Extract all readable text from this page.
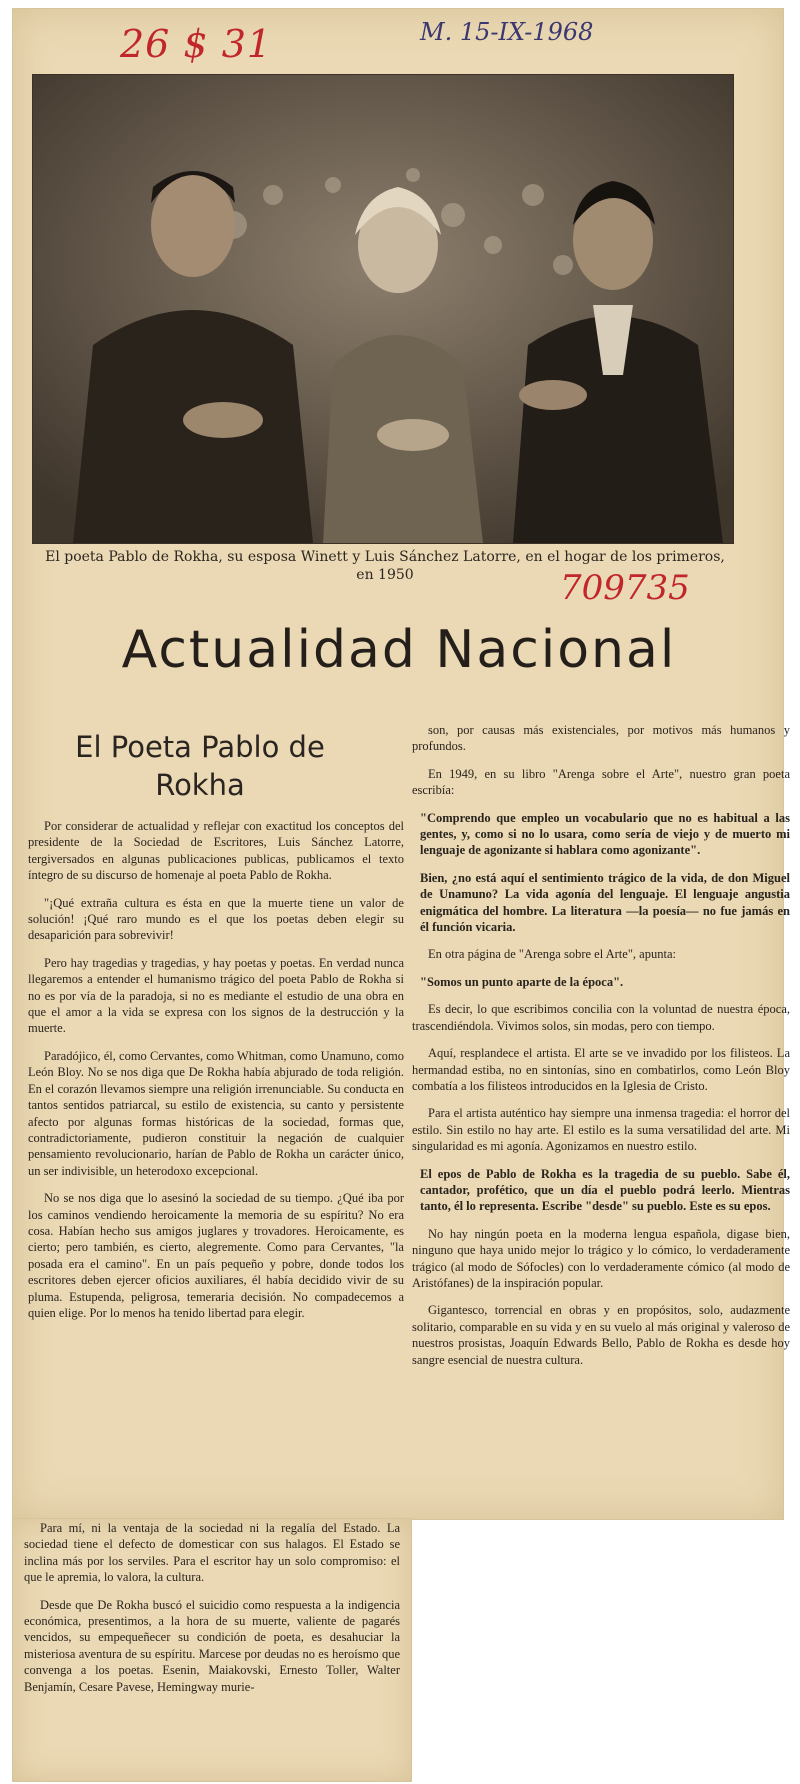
26 $ 31	M. 15-IX-1968
El poeta Pablo de Rokha, su esposa Winett y Luis Sánchez Latorre, en el hogar de los primeros, en 1950	709735
Actualidad Nacional
El Poeta Pablo de Rokha

Por considerar de actualidad y reflejar con exactitud los conceptos del presidente de la Sociedad de Escritores, Luis Sánchez Latorre, tergiversados en algunas publicaciones publicas, publicamos el texto íntegro de su discurso de homenaje al poeta Pablo de Rokha.

"¡Qué extraña cultura es ésta en que la muerte tiene un valor de solución! ¡Qué raro mundo es el que los poetas deben elegir su desaparición para sobrevivir!

Pero hay tragedias y tragedias, y hay poetas y poetas. En verdad nunca llegaremos a entender el humanismo trágico del poeta Pablo de Rokha si no es por vía de la paradoja, si no es mediante el estudio de una obra en que el amor a la vida se expresa con los signos de la destrucción y la muerte.

Paradójico, él, como Cervantes, como Whitman, como Unamuno, como León Bloy. No se nos diga que De Rokha había abjurado de toda religión. En el corazón llevamos siempre una religión irrenunciable. Su conducta en tantos sentidos patriarcal, su estilo de existencia, su canto y persistente afecto por algunas formas históricas de la sociedad, formas que, contradictoriamente, pudieron constituir la negación de cualquier pensamiento revolucionario, harían de Pablo de Rokha un carácter único, un ser indivisible, un heterodoxo excepcional.

No se nos diga que lo asesinó la sociedad de su tiempo. ¿Qué iba por los caminos vendiendo heroicamente la memoria de su espíritu? No era cosa. Habían hecho sus amigos juglares y trovadores. Heroicamente, es cierto; pero también, es cierto, alegremente. Como para Cervantes, "la posada era el camino". En un país pequeño y pobre, donde todos los escritores deben ejercer oficios auxiliares, él había decidido vivir de su pluma. Estupenda, peligrosa, temeraria decisión. No compadecemos a quien elige. Por lo menos ha tenido libertad para elegir.

son, por causas más existenciales, por motivos más humanos y profundos.

En 1949, en su libro "Arenga sobre el Arte", nuestro gran poeta escribía:

"Comprendo que empleo un vocabulario que no es habitual a las gentes, y, como si no lo usara, como sería de viejo y de muerto mi lenguaje de agonizante si hablara como agonizante".

Bien, ¿no está aquí el sentimiento trágico de la vida, de don Miguel de Unamuno? La vida agonía del lenguaje. El lenguaje angustia enigmática del hombre. La literatura —la poesía— no fue jamás en él función vicaria.

En otra página de "Arenga sobre el Arte", apunta:

"Somos un punto aparte de la época".

Es decir, lo que escribimos concilia con la voluntad de nuestra época, trascendiéndola. Vivimos solos, sin modas, pero con tiempo.

Aquí, resplandece el artista. El arte se ve invadido por los filisteos. La hermandad estiba, no en sintonías, sino en combatirlos, como León Bloy combatía a los filisteos introducidos en la Iglesia de Cristo.

Para el artista auténtico hay siempre una inmensa tragedia: el horror del estilo. Sin estilo no hay arte. El estilo es la suma versatilidad del arte. Mi singularidad es mi agonía. Agonizamos en nuestro estilo.

El epos de Pablo de Rokha es la tragedia de su pueblo. Sabe él, cantador, profético, que un día el pueblo podrá leerlo. Mientras tanto, él lo representa. Escribe "desde" su pueblo. Este es su epos.

No hay ningún poeta en la moderna lengua española, digase bien, ninguno que haya unido mejor lo trágico y lo cómico, lo verdaderamente trágico (al modo de Sófocles) con lo verdaderamente cómico (al modo de Aristófanes) de la inspiración popular.

Gigantesco, torrencial en obras y en propósitos, solo, audazmente solitario, comparable en su vida y en su vuelo al más original y valeroso de nuestros prosistas, Joaquín Edwards Bello, Pablo de Rokha es desde hoy sangre esencial de nuestra cultura.

Para mí, ni la ventaja de la sociedad ni la regalía del Estado. La sociedad tiene el defecto de domesticar con sus halagos. El Estado se inclina más por los serviles. Para el escritor hay un solo compromiso: el que le apremia, lo valora, la cultura.

Desde que De Rokha buscó el suicidio como respuesta a la indigencia económica, presentimos, a la hora de su muerte, valiente de pagarés vencidos, su empequeñecer su condición de poeta, es desahuciar la misteriosa aventura de su espíritu. Marcese por deudas no es heroísmo que convenga a los poetas. Esenin, Maiakovski, Ernesto Toller, Walter Benjamín, Cesare Pavese, Hemingway murie-
